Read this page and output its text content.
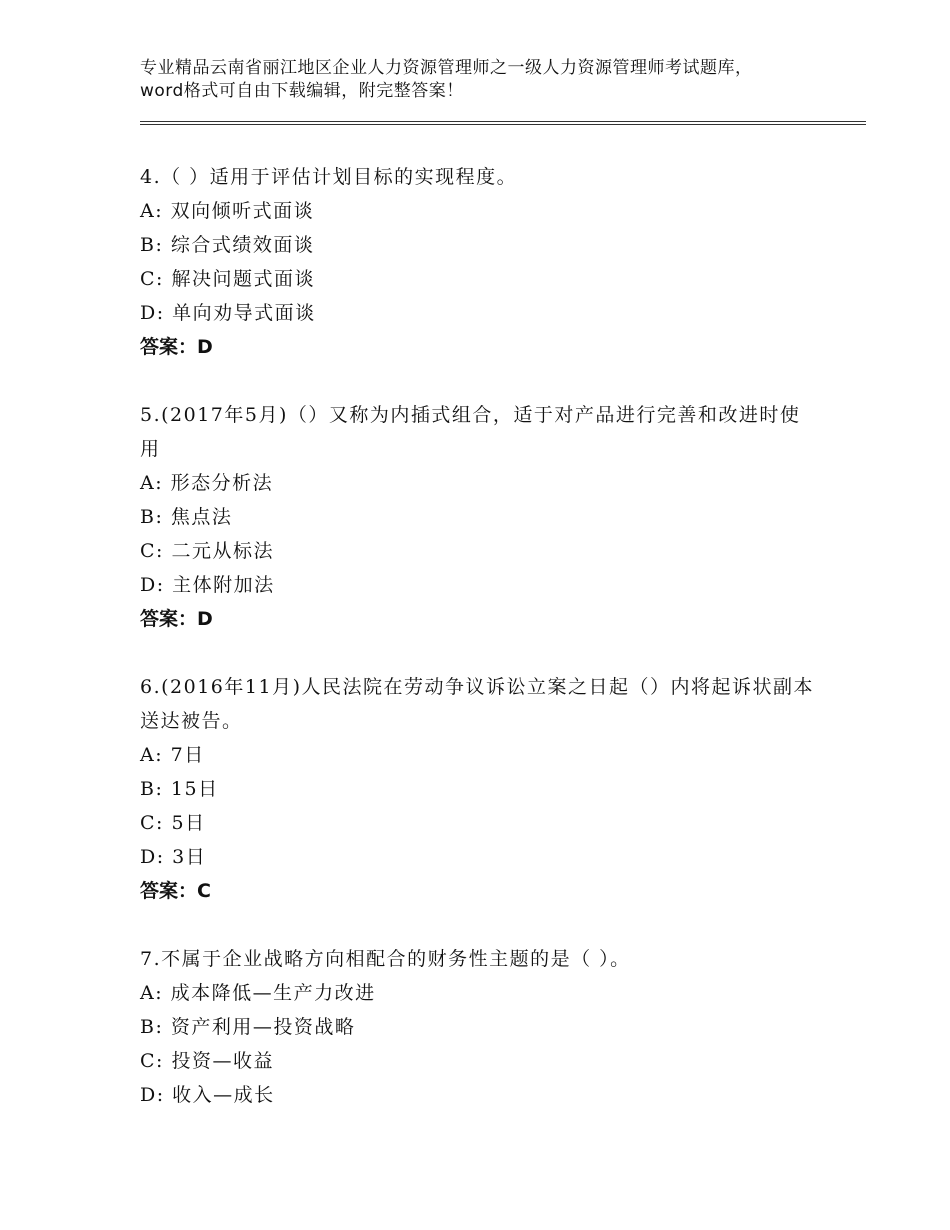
专业精品云南省丽江地区企业人力资源管理师之一级人力资源管理师考试题库，word格式可自由下载编辑，附完整答案！

4.（ ）适用于评估计划目标的实现程度。

A: 双向倾听式面谈

B: 综合式绩效面谈

C: 解决问题式面谈

D: 单向劝导式面谈

答案：D

5.(2017年5月)（）又称为内插式组合，适于对产品进行完善和改进时使用

A: 形态分析法

B: 焦点法

C: 二元从标法

D: 主体附加法

答案：D

6.(2016年11月)人民法院在劳动争议诉讼立案之日起（）内将起诉状副本送达被告。

A: 7日

B: 15日

C: 5日

D: 3日

答案：C

7.不属于企业战略方向相配合的财务性主题的是（ ）。

A: 成本降低—生产力改进

B: 资产利用—投资战略

C: 投资—收益

D: 收入—成长
